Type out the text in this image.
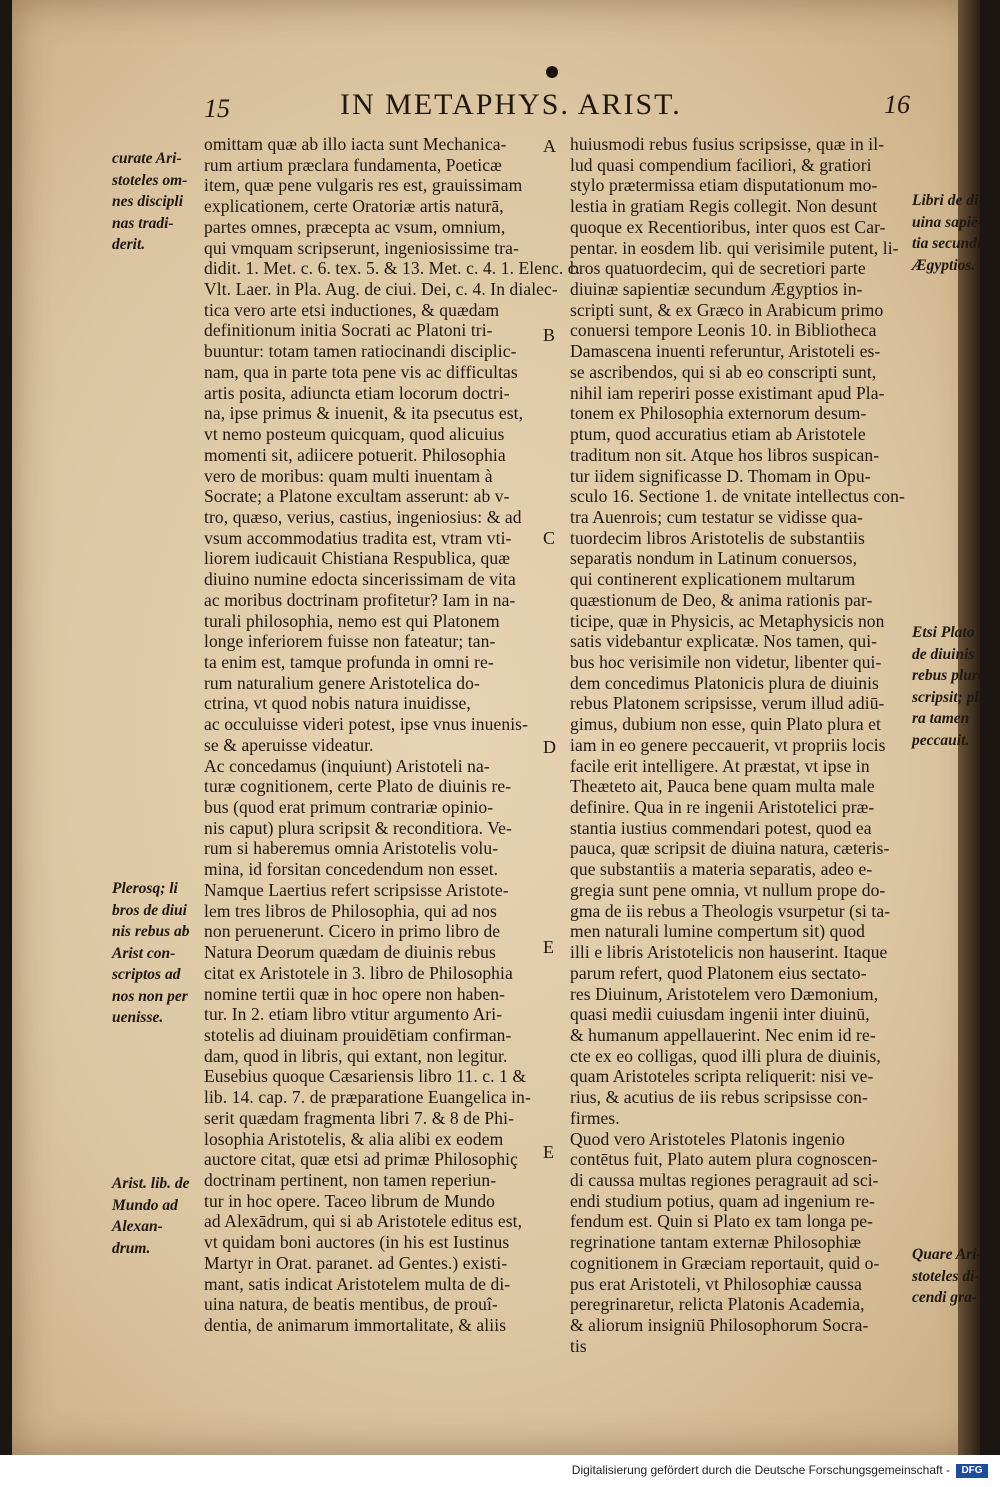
15	IN METAPHYS. ARIST.	16
omittam quæ ab illo iacta sunt Mechanica-
rum artium præclara fundamenta, Poeticæ
item, quæ pene vulgaris res est, grauissimam
explicationem, certe Oratoriæ artis naturā,
partes omnes, præcepta ac vsum, omnium,
qui vmquam scripserunt, ingeniosissime tra-
didit. 1. Met. c. 6. tex. 5. & 13. Met. c. 4. 1. Elenc. c.
Vlt. Laer. in Pla. Aug. de ciui. Dei, c. 4. In dialec-
tica vero arte etsi inductiones, & quædam
definitionum initia Socrati ac Platoni tri-
buuntur: totam tamen ratiocinandi disciplic-
nam, qua in parte tota pene vis ac difficultas
artis posita, adiuncta etiam locorum doctri-
na, ipse primus & inuenit, & ita psecutus est,
vt nemo posteum quicquam, quod alicuius
momenti sit, adiicere potuerit. Philosophia
vero de moribus: quam multi inuentam à
Socrate; a Platone excultam asserunt: ab v-
tro, quæso, verius, castius, ingeniosius: & ad
vsum accommodatius tradita est, vtram vti-
liorem iudicauit Chistiana Respublica, quæ
diuino numine edocta sincerissimam de vita
ac moribus doctrinam profitetur? Iam in na-
turali philosophia, nemo est qui Platonem
longe inferiorem fuisse non fateatur; tan-
ta enim est, tamque profunda in omni re-
rum naturalium genere Aristotelica do-
ctrina, vt quod nobis natura inuidisse,
ac occuluisse videri potest, ipse vnus inuenis-
se & aperuisse videatur.
Ac concedamus (inquiunt) Aristoteli na-
turæ cognitionem, certe Plato de diuinis re-
bus (quod erat primum contrariæ opinio-
nis caput) plura scripsit & reconditiora. Ve-
rum si haberemus omnia Aristotelis volu-
mina, id forsitan concedendum non esset.
Namque Laertius refert scripsisse Aristote-
lem tres libros de Philosophia, qui ad nos
non peruenerunt. Cicero in primo libro de
Natura Deorum quædam de diuinis rebus
citat ex Aristotele in 3. libro de Philosophia
nomine tertii quæ in hoc opere non haben-
tur. In 2. etiam libro vtitur argumento Ari-
stotelis ad diuinam prouidētiam confirman-
dam, quod in libris, qui extant, non legitur.
Eusebius quoque Cæsariensis libro 11. c. 1 &
lib. 14. cap. 7. de præparatione Euangelica in-
serit quædam fragmenta libri 7. & 8 de Phi-
losophia Aristotelis, & alia alibi ex eodem
auctore citat, quæ etsi ad primæ Philosophiç
doctrinam pertinent, non tamen reperiun-
tur in hoc opere. Taceo librum de Mundo
ad Alexādrum, qui si ab Aristotele editus est,
vt quidam boni auctores (in his est Iustinus
Martyr in Orat. paranet. ad Gentes.) existi-
mant, satis indicat Aristotelem multa de di-
uina natura, de beatis mentibus, de prouî-
dentia, de animarum immortalitate, & aliis
huiusmodi rebus fusius scripsisse, quæ in il-
lud quasi compendium faciliori, & gratiori
stylo prætermissa etiam disputationum mo-
lestia in gratiam Regis collegit. Non desunt
quoque ex Recentioribus, inter quos est Car-
pentar. in eosdem lib. qui verisimile putent, li-
bros quatuordecim, qui de secretiori parte
diuinæ sapientiæ secundum Ægyptios in-
scripti sunt, & ex Græco in Arabicum primo
conuersi tempore Leonis 10. in Bibliotheca
Damascena inuenti referuntur, Aristoteli es-
se ascribendos, qui si ab eo conscripti sunt,
nihil iam reperiri posse existimant apud Pla-
tonem ex Philosophia externorum desum-
ptum, quod accuratius etiam ab Aristotele
traditum non sit. Atque hos libros suspican-
tur iidem significasse D. Thomam in Opu-
sculo 16. Sectione 1. de vnitate intellectus con-
tra Auenrois; cum testatur se vidisse qua-
tuordecim libros Aristotelis de substantiis
separatis nondum in Latinum conuersos,
qui continerent explicationem multarum
quæstionum de Deo, & anima rationis par-
ticipe, quæ in Physicis, ac Metaphysicis non
satis videbantur explicatæ. Nos tamen, qui-
bus hoc verisimile non videtur, libenter qui-
dem concedimus Platonicis plura de diuinis
rebus Platonem scripsisse, verum illud adiū-
gimus, dubium non esse, quin Plato plura et
iam in eo genere peccauerit, vt propriis locis
facile erit intelligere. At præstat, vt ipse in
Theæteto ait, Pauca bene quam multa male
definire. Qua in re ingenii Aristotelici præ-
stantia iustius commendari potest, quod ea
pauca, quæ scripsit de diuina natura, cæteris-
que substantiis a materia separatis, adeo e-
gregia sunt pene omnia, vt nullum prope do-
gma de iis rebus a Theologis vsurpetur (si ta-
men naturali lumine compertum sit) quod
illi e libris Aristotelicis non hauserint. Itaque
parum refert, quod Platonem eius sectato-
res Diuinum, Aristotelem vero Dæmonium,
quasi medii cuiusdam ingenii inter diuinū,
& humanum appellauerint. Nec enim id re-
cte ex eo colligas, quod illi plura de diuinis,
quam Aristoteles scripta reliquerit: nisi ve-
rius, & acutius de iis rebus scripsisse con-
firmes.
Quod vero Aristoteles Platonis ingenio
contētus fuit, Plato autem plura cognoscen-
di caussa multas regiones peragrauit ad sci-
endi studium potius, quam ad ingenium re-
fendum est. Quin si Plato ex tam longa pe-
regrinatione tantam externæ Philosophiæ
cognitionem in Græciam reportauit, quid o-
pus erat Aristoteli, vt Philosophiæ caussa
peregrinaretur, relicta Platonis Academia,
& aliorum insigniū Philosophorum Socra-
tis
curate Ari-
stoteles om-
nes discipli
nas tradi-
derit.
Plerosq; li
bros de diui
nis rebus ab
Arist con-
scriptos ad
nos non per
uenisse.
Arist. lib. de
Mundo ad
Alexan-
drum.
Libri de di-
uina sapiē-
tia secundū
Ægyptios.
Etsi Plato
de diuinis
rebus plura
scripsit; plu-
ra tamen
peccauit.
Quare Ari-
stoteles di-
cendi gra-
A
B
C
D
E
E
Digitalisierung gefördert durch die Deutsche Forschungsgemeinschaft -	DFG
